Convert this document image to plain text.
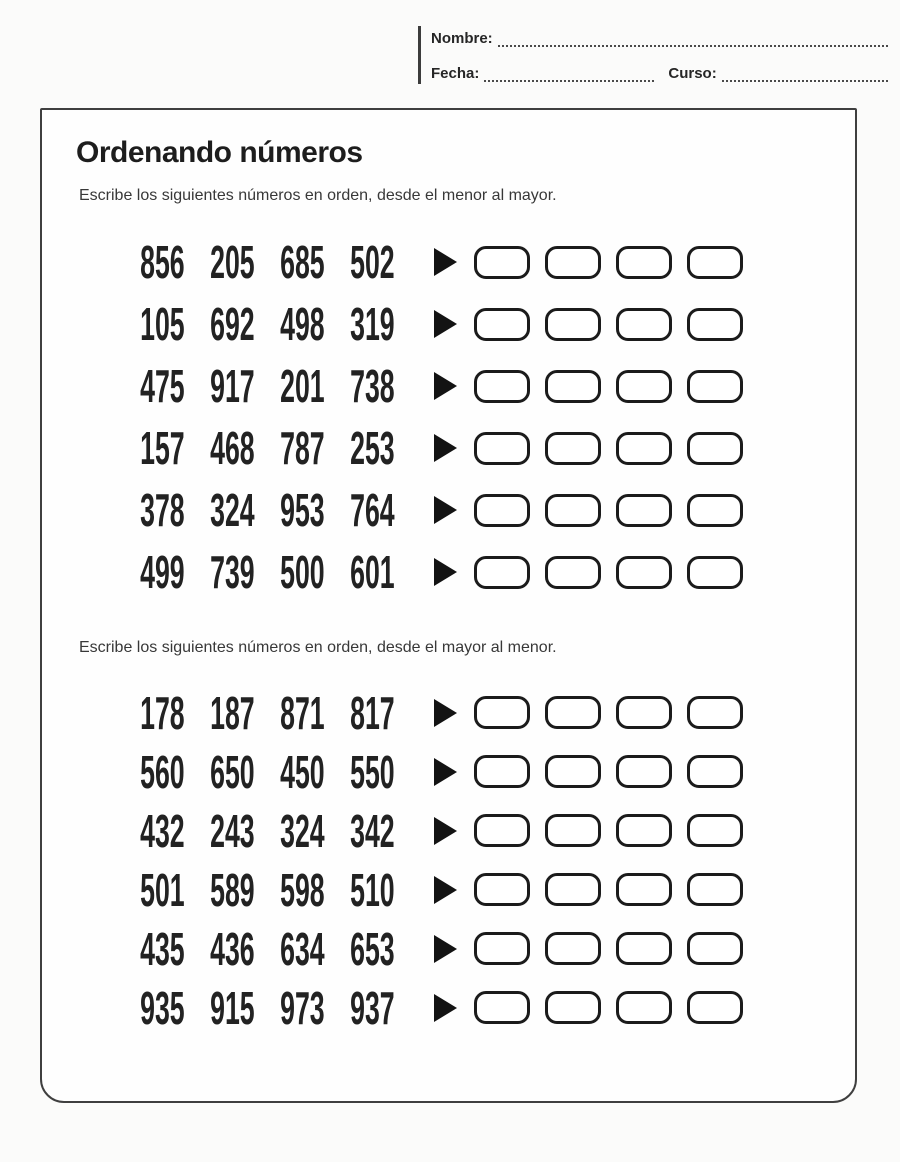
Nombre:
Fecha:	Curso:
Ordenando números
Escribe los siguientes números en orden, desde el menor al mayor.
856 205 685 502
105 692 498 319
475 917 201 738
157 468 787 253
378 324 953 764
499 739 500 601
Escribe los siguientes números en orden, desde el mayor al menor.
178 187 871 817
560 650 450 550
432 243 324 342
501 589 598 510
435 436 634 653
935 915 973 937
